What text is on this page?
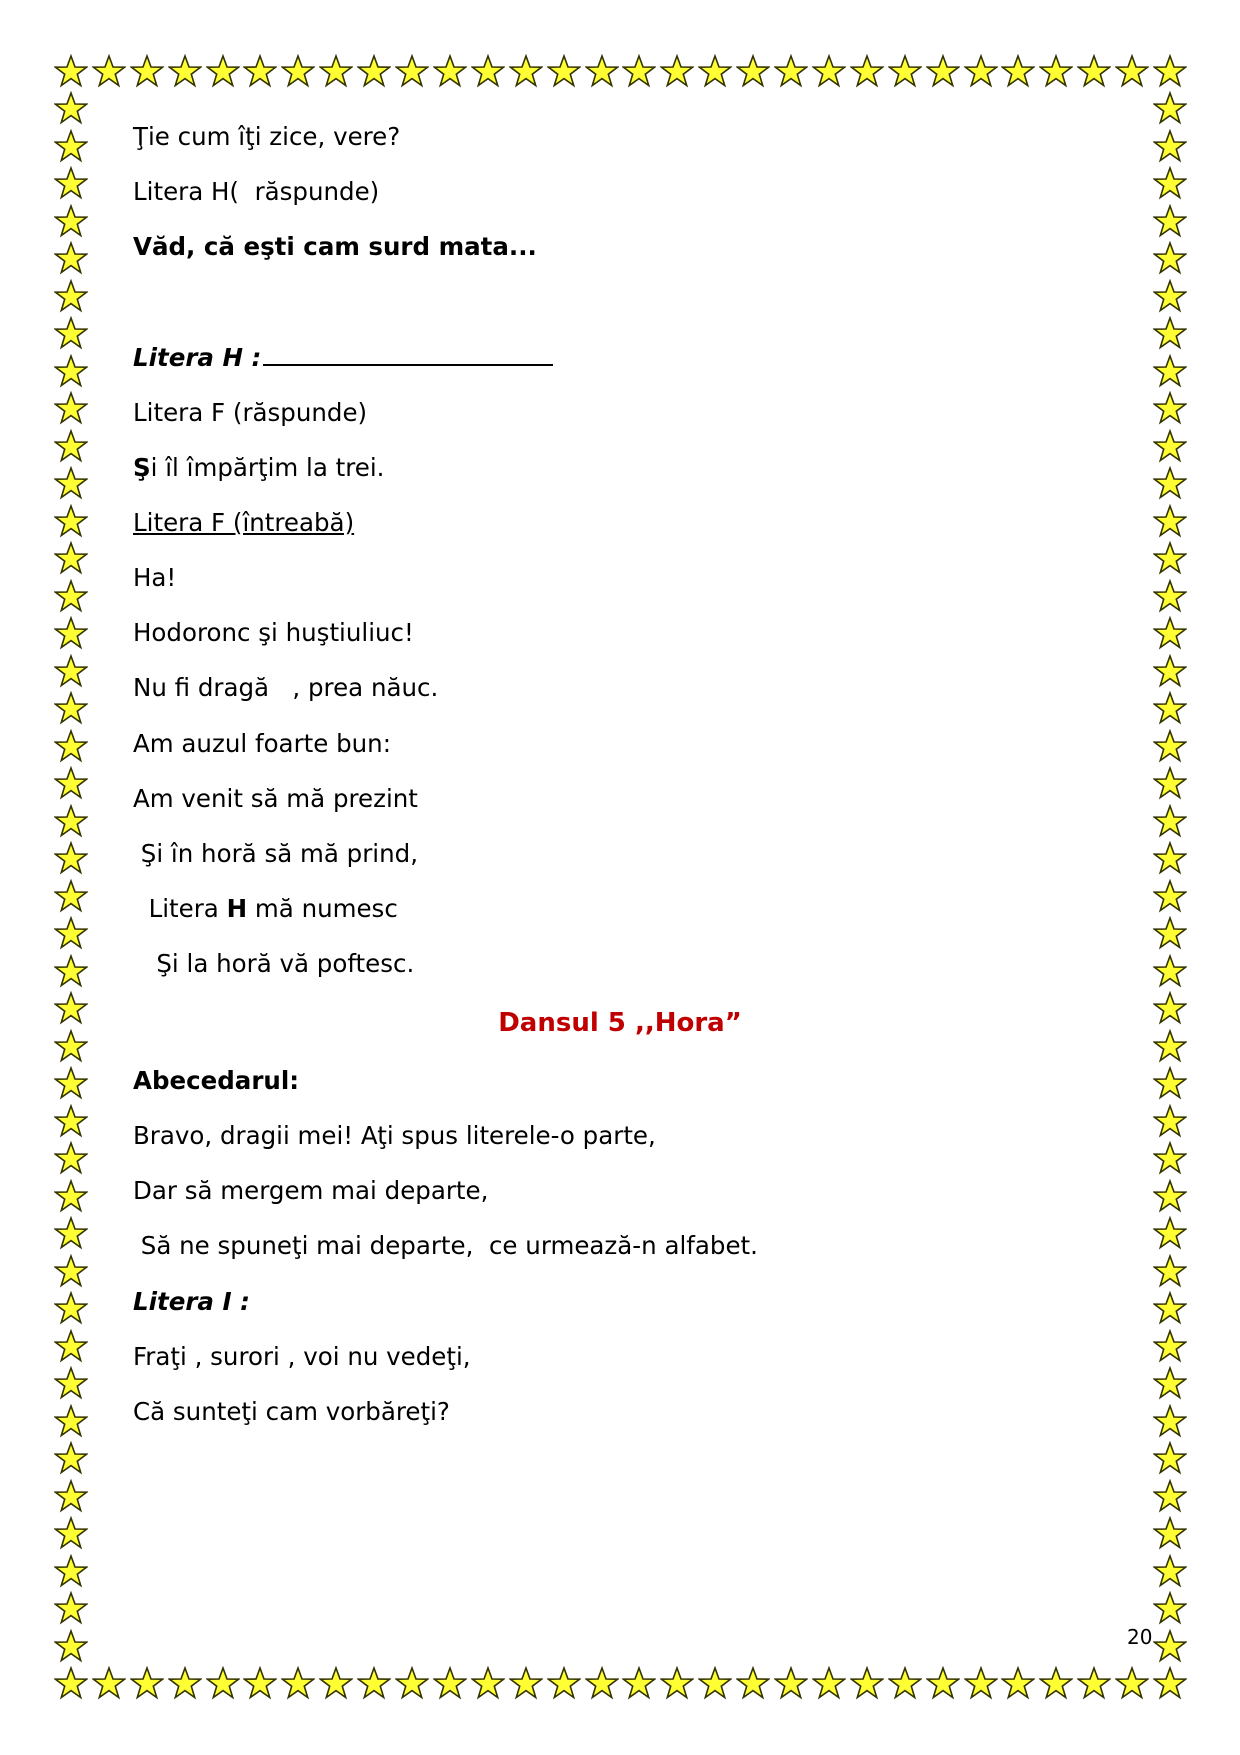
Ţie cum îţi zice, vere?
Litera H(  răspunde)
Văd, că eşti cam surd mata...
Litera H :
Litera F (răspunde)
Şi îl împărţim la trei.
Litera F (întreabă)
Ha!
Hodoronc şi huştiuliuc!
Nu fi dragă   , prea năuc.
Am auzul foarte bun:
Am venit să mă prezint
Şi în horă să mă prind,
Litera H mă numesc
Şi la horă vă poftesc.
Dansul 5 ,,Hora”
Abecedarul:
Bravo, dragii mei! Aţi spus literele-o parte,
Dar să mergem mai departe,
Să ne spuneţi mai departe,  ce urmează-n alfabet.
Litera I :
Fraţi , surori , voi nu vedeţi,
Că sunteţi cam vorbăreţi?
20
